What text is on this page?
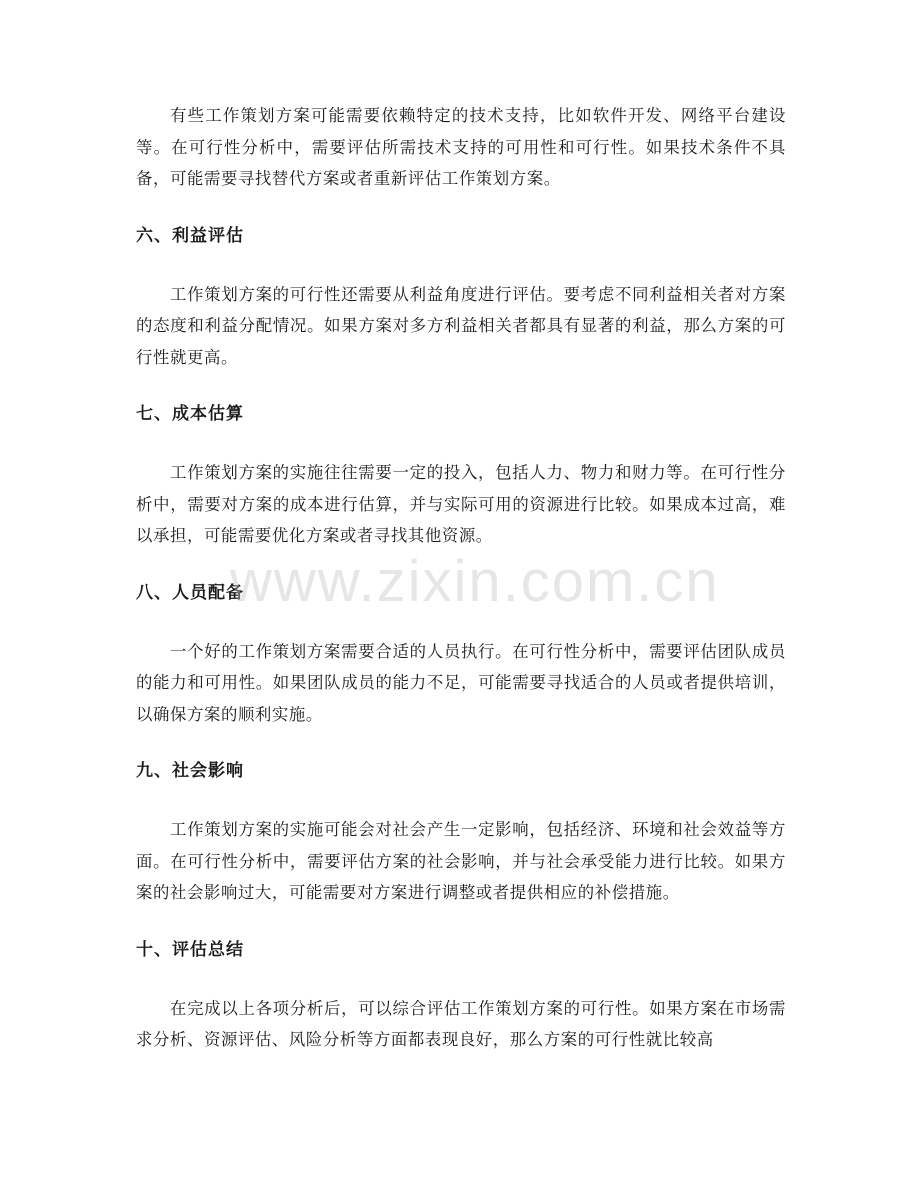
有些工作策划方案可能需要依赖特定的技术支持，比如软件开发、网络平台建设等。在可行性分析中，需要评估所需技术支持的可用性和可行性。如果技术条件不具备，可能需要寻找替代方案或者重新评估工作策划方案。

六、利益评估

工作策划方案的可行性还需要从利益角度进行评估。要考虑不同利益相关者对方案的态度和利益分配情况。如果方案对多方利益相关者都具有显著的利益，那么方案的可行性就更高。

七、成本估算

工作策划方案的实施往往需要一定的投入，包括人力、物力和财力等。在可行性分析中，需要对方案的成本进行估算，并与实际可用的资源进行比较。如果成本过高，难以承担，可能需要优化方案或者寻找其他资源。

八、人员配备

一个好的工作策划方案需要合适的人员执行。在可行性分析中，需要评估团队成员的能力和可用性。如果团队成员的能力不足，可能需要寻找适合的人员或者提供培训，以确保方案的顺利实施。

九、社会影响

工作策划方案的实施可能会对社会产生一定影响，包括经济、环境和社会效益等方面。在可行性分析中，需要评估方案的社会影响，并与社会承受能力进行比较。如果方案的社会影响过大，可能需要对方案进行调整或者提供相应的补偿措施。

十、评估总结

在完成以上各项分析后，可以综合评估工作策划方案的可行性。如果方案在市场需求分析、资源评估、风险分析等方面都表现良好，那么方案的可行性就比较高

www.zixin.com.cn
